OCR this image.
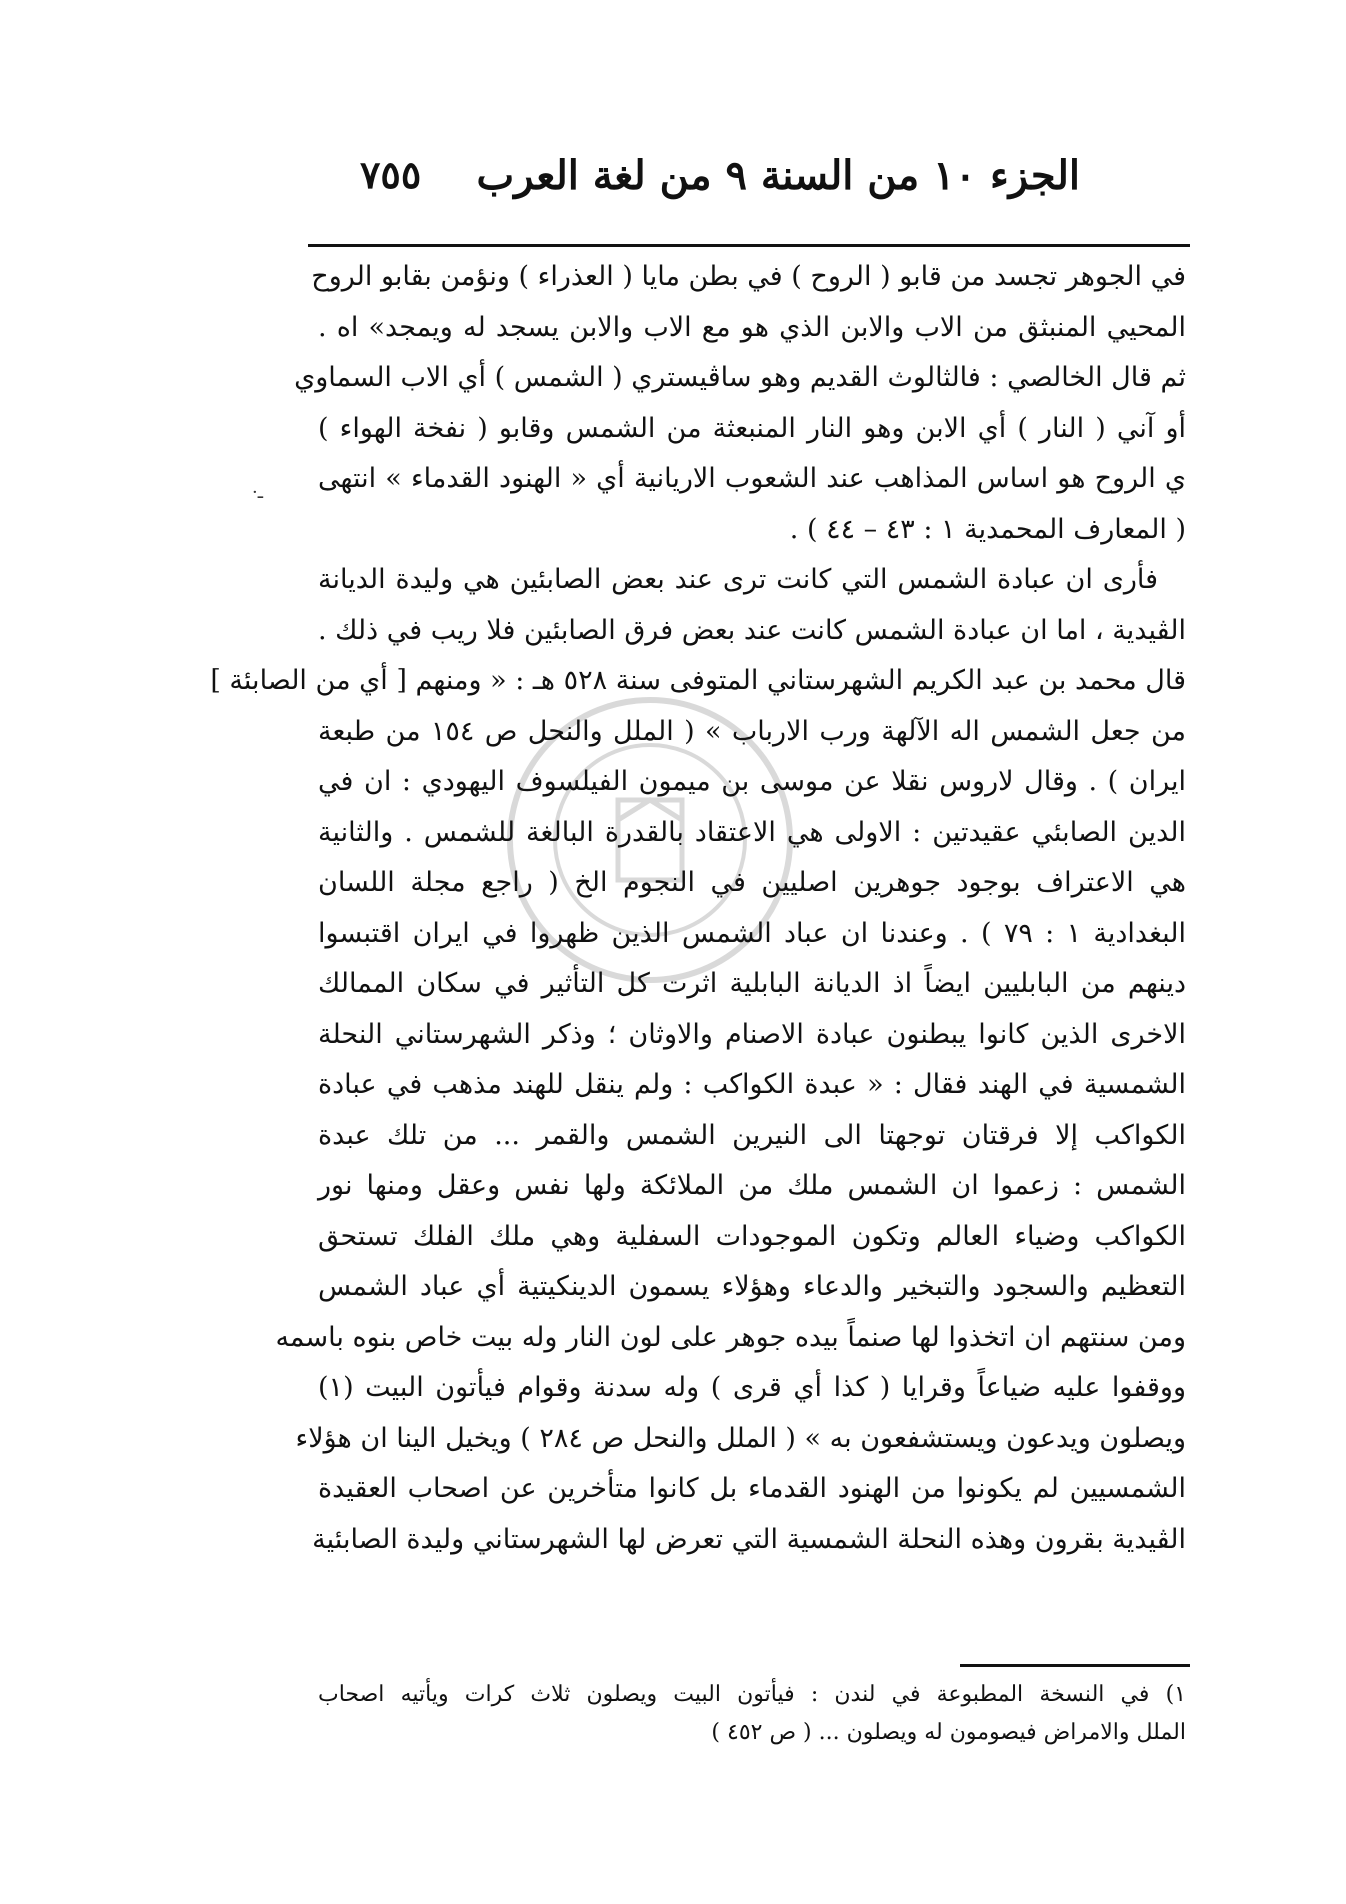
الجزء ١٠ من السنة ٩ من لغة العرب
٧٥٥
·ـ
في الجوهر تجسد من قابو ( الروح ) في بطن مايا ( العذراء ) ونؤمن بقابو الروح
المحيي المنبثق من الاب والابن الذي هو مع الاب والابن يسجد له ويمجد» اه .
ثم قال الخالصي : فالثالوث القديم وهو ساڤيستري ( الشمس ) أي الاب السماوي
أو آني ( النار ) أي الابن وهو النار المنبعثة من الشمس وقابو ( نفخة الهواء )
ي الروح هو اساس المذاهب عند الشعوب الاريانية أي « الهنود القدماء » انتهى
( المعارف المحمدية ١ : ٤٣ – ٤٤ ) .
فأرى ان عبادة الشمس التي كانت ترى عند بعض الصابئين هي وليدة الديانة
الڤيدية ، اما ان عبادة الشمس كانت عند بعض فرق الصابئين فلا ريب في ذلك .
قال محمد بن عبد الكريم الشهرستاني المتوفى سنة ٥٢٨ هـ : « ومنهم [ أي من الصابئة ]
من جعل الشمس اله الآلهة ورب الارباب » ( الملل والنحل ص ١٥٤ من طبعة
ايران ) . وقال لاروس نقلا عن موسى بن ميمون الفيلسوف اليهودي : ان في
الدين الصابئي عقيدتين : الاولى هي الاعتقاد بالقدرة البالغة للشمس . والثانية
هي الاعتراف بوجود جوهرين اصليين في النجوم الخ ( راجع مجلة اللسان
البغدادية ١ : ٧٩ ) . وعندنا ان عباد الشمس الذين ظهروا في ايران اقتبسوا
دينهم من البابليين ايضاً اذ الديانة البابلية اثرت كل التأثير في سكان الممالك
الاخرى الذين كانوا يبطنون عبادة الاصنام والاوثان ؛ وذكر الشهرستاني النحلة
الشمسية في الهند فقال : « عبدة الكواكب : ولم ينقل للهند مذهب في عبادة
الكواكب إلا فرقتان توجهتا الى النيرين الشمس والقمر ... من تلك عبدة
الشمس : زعموا ان الشمس ملك من الملائكة ولها نفس وعقل ومنها نور
الكواكب وضياء العالم وتكون الموجودات السفلية وهي ملك الفلك تستحق
التعظيم والسجود والتبخير والدعاء وهؤلاء يسمون الدينكيتية أي عباد الشمس
ومن سنتهم ان اتخذوا لها صنماً بيده جوهر على لون النار وله بيت خاص بنوه باسمه
ووقفوا عليه ضياعاً وقرايا ( كذا أي قرى ) وله سدنة وقوام فيأتون البيت (١)
ويصلون ويدعون ويستشفعون به » ( الملل والنحل ص ٢٨٤ ) ويخيل الينا ان هؤلاء
الشمسيين لم يكونوا من الهنود القدماء بل كانوا متأخرين عن اصحاب العقيدة
الڤيدية بقرون وهذه النحلة الشمسية التي تعرض لها الشهرستاني وليدة الصابئية
١) في النسخة المطبوعة في لندن : فيأتون البيت ويصلون ثلاث كرات ويأتيه اصحاب
الملل والامراض فيصومون له ويصلون ... ( ص ٤٥٢ )
